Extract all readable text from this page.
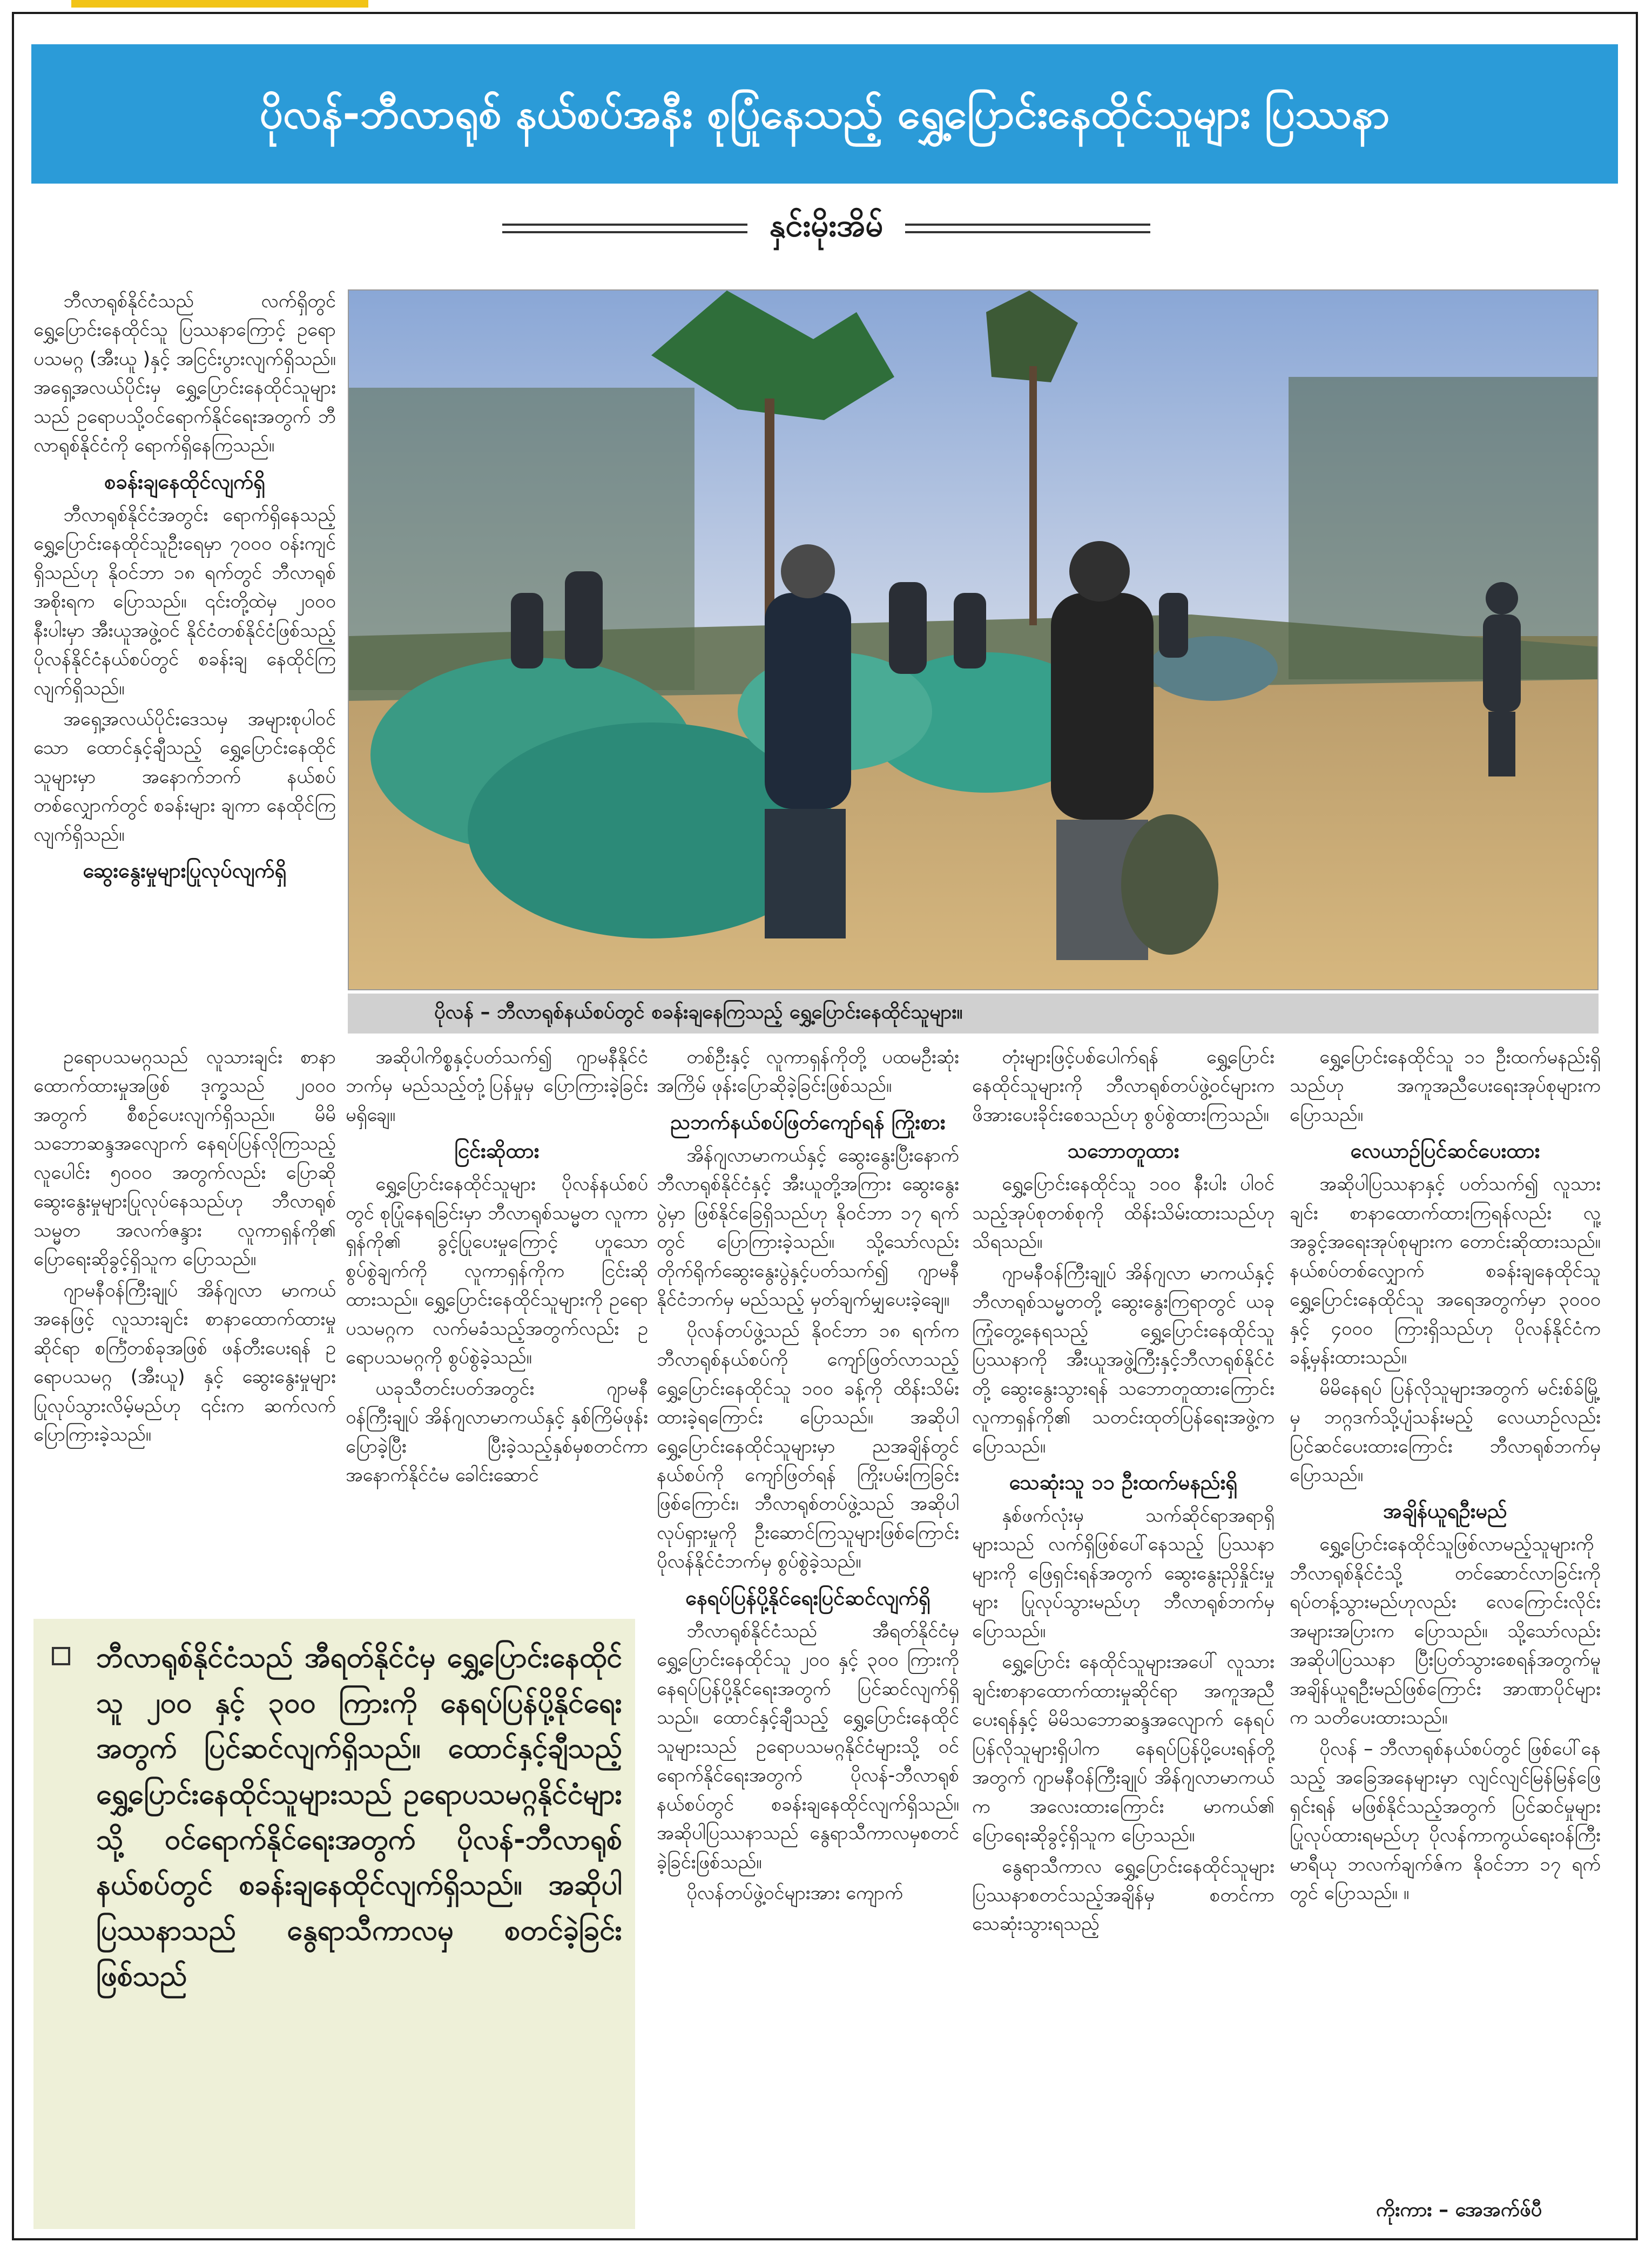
ပိုလန်-ဘီလာရုစ် နယ်စပ်အနီး စုပြုံနေသည့် ရွှေ့ပြောင်းနေထိုင်သူများ ပြဿနာ
နှင်းမိုးအိမ်

ဘီလာရုစ်နိုင်ငံသည် လက်ရှိတွင် ရွှေ့ပြောင်းနေထိုင်သူ ပြဿနာကြောင့် ဥရောပသမဂ္ဂ (အီးယူ )နှင့် အငြင်းပွားလျက်ရှိသည်။ အရှေ့အလယ်ပိုင်းမှ ရွှေ့ပြောင်းနေထိုင်သူများသည် ဥရောပသို့ဝင်ရောက်နိုင်ရေးအတွက် ဘီလာရုစ်နိုင်ငံကို ရောက်ရှိနေကြသည်။

စခန်းချနေထိုင်လျက်ရှိ

ဘီလာရုစ်နိုင်ငံအတွင်း ရောက်ရှိနေသည့် ရွှေ့ပြောင်းနေထိုင်သူဦးရေမှာ ၇၀၀၀ ဝန်းကျင်ရှိသည်ဟု နိုဝင်ဘာ ၁၈ ရက်တွင် ဘီလာရုစ်အစိုးရက ပြောသည်။ ၎င်းတို့ထဲမှ ၂၀၀၀ နီးပါးမှာ အီးယူအဖွဲ့ဝင် နိုင်ငံတစ်နိုင်ငံဖြစ်သည့် ပိုလန်နိုင်ငံနယ်စပ်တွင် စခန်းချ နေထိုင်ကြလျက်ရှိသည်။

အရှေ့အလယ်ပိုင်းဒေသမှ အများစုပါဝင်သော ထောင်နှင့်ချီသည့် ရွှေ့ပြောင်းနေထိုင်သူများမှာ အနောက်ဘက် နယ်စပ်တစ်လျှောက်တွင် စခန်းများ ချကာ နေထိုင်ကြလျက်ရှိသည်။

ဆွေးနွေးမှုများပြုလုပ်လျက်ရှိ
ပိုလန် – ဘီလာရုစ်နယ်စပ်တွင် စခန်းချနေကြသည့် ရွှေ့ပြောင်းနေထိုင်သူများ။

ဥရောပသမဂ္ဂသည် လူသားချင်း စာနာထောက်ထားမှုအဖြစ် ဒုက္ခသည် ၂၀၀၀ အတွက် စီစဉ်ပေးလျက်ရှိသည်။ မိမိသဘောဆန္ဒအလျောက် နေရပ်ပြန်လိုကြသည့် လူပေါင်း ၅၀၀၀ အတွက်လည်း ပြောဆိုဆွေးနွေးမှုများပြုလုပ်နေသည်ဟု ဘီလာရုစ်သမ္မတ အလက်ဇန္ဒား လူကာရှန်ကို၏ ပြောရေးဆိုခွင့်ရှိသူက ပြောသည်။

ဂျာမနီဝန်ကြီးချုပ် အိန်ဂျလာ မာကယ်အနေဖြင့် လူသားချင်း စာနာထောက်ထားမှုဆိုင်ရာ စင်္ကြံတစ်ခုအဖြစ် ဖန်တီးပေးရန် ဥရောပသမဂ္ဂ (အီးယူ) နှင့် ဆွေးနွေးမှုများ ပြုလုပ်သွားလိမ့်မည်ဟု ၎င်းက ဆက်လက်ပြောကြားခဲ့သည်။

အဆိုပါကိစ္စနှင့်ပတ်သက်၍ ဂျာမနီနိုင်ငံဘက်မှ မည်သည့်တုံ့ပြန်မှုမှ ပြောကြားခဲ့ခြင်း မရှိချေ။

ငြင်းဆိုထား

ရွှေ့ပြောင်းနေထိုင်သူများ ပိုလန်နယ်စပ်တွင် စုပြုံနေရခြင်းမှာ ဘီလာရုစ်သမ္မတ လူကာရှန်ကို၏ ခွင့်ပြုပေးမှုကြောင့် ဟူသော စွပ်စွဲချက်ကို လူကာရှန်ကိုက ငြင်းဆိုထားသည်။ ရွှေ့ပြောင်းနေထိုင်သူများကို ဥရောပသမဂ္ဂက လက်မခံသည့်အတွက်လည်း ဥရောပသမဂ္ဂကို စွပ်စွဲခဲ့သည်။

ယခုသီတင်းပတ်အတွင်း ဂျာမနီဝန်ကြီးချုပ် အိန်ဂျလာမာကယ်နှင့် နှစ်ကြိမ်ဖုန်းပြောခဲ့ပြီး ပြီးခဲ့သည့်နှစ်မှစတင်ကာ အနောက်နိုင်ငံမ ခေါင်းဆောင်

တစ်ဦးနှင့် လူကာရှန်ကိုတို့ ပထမဦးဆုံးအကြိမ် ဖုန်းပြောဆိုခဲ့ခြင်းဖြစ်သည်။

ညဘက်နယ်စပ်ဖြတ်ကျော်ရန် ကြိုးစား

အိန်ဂျလာမာကယ်နှင့် ဆွေးနွေးပြီးနောက် ဘီလာရုစ်နိုင်ငံနှင့် အီးယူတို့အကြား ဆွေးနွေးပွဲမှာ ဖြစ်နိုင်ခြေရှိသည်ဟု နိုဝင်ဘာ ၁၇ ရက်တွင် ပြောကြားခဲ့သည်။ သို့သော်လည်း တိုက်ရိုက်ဆွေးနွေးပွဲနှင့်ပတ်သက်၍ ဂျာမနီနိုင်ငံဘက်မှ မည်သည့် မှတ်ချက်မျှပေးခဲ့ချေ။

ပိုလန်တပ်ဖွဲ့သည် နိုဝင်ဘာ ၁၈ ရက်က ဘီလာရုစ်နယ်စပ်ကို ကျော်ဖြတ်လာသည့်ရွှေ့ပြောင်းနေထိုင်သူ ၁၀၀ ခန့်ကို ထိန်းသိမ်းထားခဲ့ရကြောင်း ပြောသည်။ အဆိုပါ ရွှေ့ပြောင်းနေထိုင်သူများမှာ ညအချိန်တွင် နယ်စပ်ကို ကျော်ဖြတ်ရန် ကြိုးပမ်းကြခြင်းဖြစ်ကြောင်း၊ ဘီလာရုစ်တပ်ဖွဲ့သည် အဆိုပါလုပ်ရှားမှုကို ဦးဆောင်ကြသူများဖြစ်ကြောင်း ပိုလန်နိုင်ငံဘက်မှ စွပ်စွဲခဲ့သည်။

နေရပ်ပြန်ပို့နိုင်ရေးပြင်ဆင်လျက်ရှိ

ဘီလာရုစ်နိုင်ငံသည် အီရတ်နိုင်ငံမှ ရွှေ့ပြောင်းနေထိုင်သူ ၂၀၀ နှင့် ၃၀၀ ကြားကို နေရပ်ပြန်ပို့နိုင်ရေးအတွက် ပြင်ဆင်လျက်ရှိသည်။ ထောင်နှင့်ချီသည့် ရွှေ့ပြောင်းနေထိုင်သူများသည် ဥရောပသမဂ္ဂနိုင်ငံများသို့ ဝင်ရောက်နိုင်ရေးအတွက် ပိုလန်-ဘီလာရုစ်နယ်စပ်တွင် စခန်းချနေထိုင်လျက်ရှိသည်။ အဆိုပါပြဿနာသည် နွေရာသီကာလမှစတင်ခဲ့ခြင်းဖြစ်သည်။

ပိုလန်တပ်ဖွဲ့ဝင်များအား ကျောက်

တုံးများဖြင့်ပစ်ပေါက်ရန် ရွှေ့ပြောင်းနေထိုင်သူများကို ဘီလာရုစ်တပ်ဖွဲ့ဝင်များက ဖိအားပေးခိုင်းစေသည်ဟု စွပ်စွဲထားကြသည်။

သဘောတူထား

ရွှေ့ပြောင်းနေထိုင်သူ ၁၀၀ နီးပါး ပါဝင်သည့်အုပ်စုတစ်စုကို ထိန်းသိမ်းထားသည်ဟု သိရသည်။

ဂျာမနီဝန်ကြီးချုပ် အိန်ဂျလာ မာကယ်နှင့်ဘီလာရုစ်သမ္မတတို့ ဆွေးနွေးကြရာတွင် ယခုကြုံတွေ့နေရသည့် ရွှေ့ပြောင်းနေထိုင်သူပြဿနာကို အီးယူအဖွဲ့ကြီးနှင့်ဘီလာရုစ်နိုင်ငံတို့ ဆွေးနွေးသွားရန် သဘောတူထားကြောင်း လူကာရှန်ကို၏ သတင်းထုတ်ပြန်ရေးအဖွဲ့ကပြောသည်။

သေဆုံးသူ ၁၁ ဦးထက်မနည်းရှိ

နှစ်ဖက်လုံးမှ သက်ဆိုင်ရာအရာရှိများသည် လက်ရှိဖြစ်ပေါ်နေသည့် ပြဿနာများကို ဖြေရှင်းရန်အတွက် ဆွေးနွေးညှိနှိုင်းမှုများ ပြုလုပ်သွားမည်ဟု ဘီလာရုစ်ဘက်မှ ပြောသည်။

ရွှေ့ပြောင်း နေထိုင်သူများအပေါ် လူသားချင်းစာနာထောက်ထားမှုဆိုင်ရာ အကူအညီပေးရန်နှင့် မိမိသဘောဆန္ဒအလျောက် နေရပ်ပြန်လိုသူများရှိပါက နေရပ်ပြန်ပို့ပေးရန်တို့အတွက် ဂျာမနီဝန်ကြီးချုပ် အိန်ဂျလာမာကယ်က အလေးထားကြောင်း မာကယ်၏ ပြောရေးဆိုခွင့်ရှိသူက ပြောသည်။

နွေရာသီကာလ ရွှေ့ပြောင်းနေထိုင်သူများ ပြဿနာစတင်သည့်အချိန်မှ စတင်ကာ သေဆုံးသွားရသည့်

ရွှေ့ပြောင်းနေထိုင်သူ ၁၁ ဦးထက်မနည်းရှိသည်ဟု အကူအညီပေးရေးအုပ်စုများကပြောသည်။

လေယာဉ်ပြင်ဆင်ပေးထား

အဆိုပါပြဿနာနှင့် ပတ်သက်၍ လူသားချင်း စာနာထောက်ထားကြရန်လည်း လူ့အခွင့်အရေးအုပ်စုများက တောင်းဆိုထားသည်။ နယ်စပ်တစ်လျှောက် စခန်းချနေထိုင်သူ ရွှေ့ပြောင်းနေထိုင်သူ အရေအတွက်မှာ ၃၀၀၀ နှင့် ၄၀၀၀ ကြားရှိသည်ဟု ပိုလန်နိုင်ငံက ခန့်မှန်းထားသည်။

မိမိနေရပ် ပြန်လိုသူများအတွက် မင်းစ်ခ်မြို့မှ ဘဂ္ဂဒက်သို့ပျံသန်းမည့် လေယာဉ်လည်း ပြင်ဆင်ပေးထားကြောင်း ဘီလာရုစ်ဘက်မှပြောသည်။

အချိန်ယူရဦးမည်

ရွှေ့ပြောင်းနေထိုင်သူဖြစ်လာမည့်သူများကို ဘီလာရုစ်နိုင်ငံသို့ တင်ဆောင်လာခြင်းကို ရပ်တန့်သွားမည်ဟုလည်း လေကြောင်းလိုင်း အများအပြားက ပြောသည်။ သို့သော်လည်း အဆိုပါပြဿနာ ပြီးပြတ်သွားစေရန်အတွက်မူ အချိန်ယူရဦးမည်ဖြစ်ကြောင်း အာဏာပိုင်များက သတိပေးထားသည်။

ပိုလန် – ဘီလာရုစ်နယ်စပ်တွင် ဖြစ်ပေါ်နေသည့် အခြေအနေများမှာ လျင်လျင်မြန်မြန်ဖြေရှင်းရန် မဖြစ်နိုင်သည့်အတွက် ပြင်ဆင်မှုများပြုလုပ်ထားရမည်ဟု ပိုလန်ကာကွယ်ရေးဝန်ကြီး မာရီယု ဘလက်ချက်ဇ်က နိုဝင်ဘာ ၁၇ ရက်တွင် ပြောသည်။ ။

ဘီလာရုစ်နိုင်ငံသည် အီရတ်နိုင်ငံမှ ရွှေ့ပြောင်းနေထိုင်သူ ၂၀၀ နှင့် ၃၀၀ ကြားကို နေရပ်ပြန်ပို့နိုင်ရေးအတွက် ပြင်ဆင်လျက်ရှိသည်။ ထောင်နှင့်ချီသည့် ရွှေ့ပြောင်းနေထိုင်သူများသည် ဥရောပသမဂ္ဂနိုင်ငံများသို့ ဝင်ရောက်နိုင်ရေးအတွက် ပိုလန်-ဘီလာရုစ်နယ်စပ်တွင် စခန်းချနေထိုင်လျက်ရှိသည်။ အဆိုပါပြဿနာသည် နွေရာသီကာလမှ စတင်ခဲ့ခြင်းဖြစ်သည်
ကိုးကား – အေအက်ဖ်ပီ
